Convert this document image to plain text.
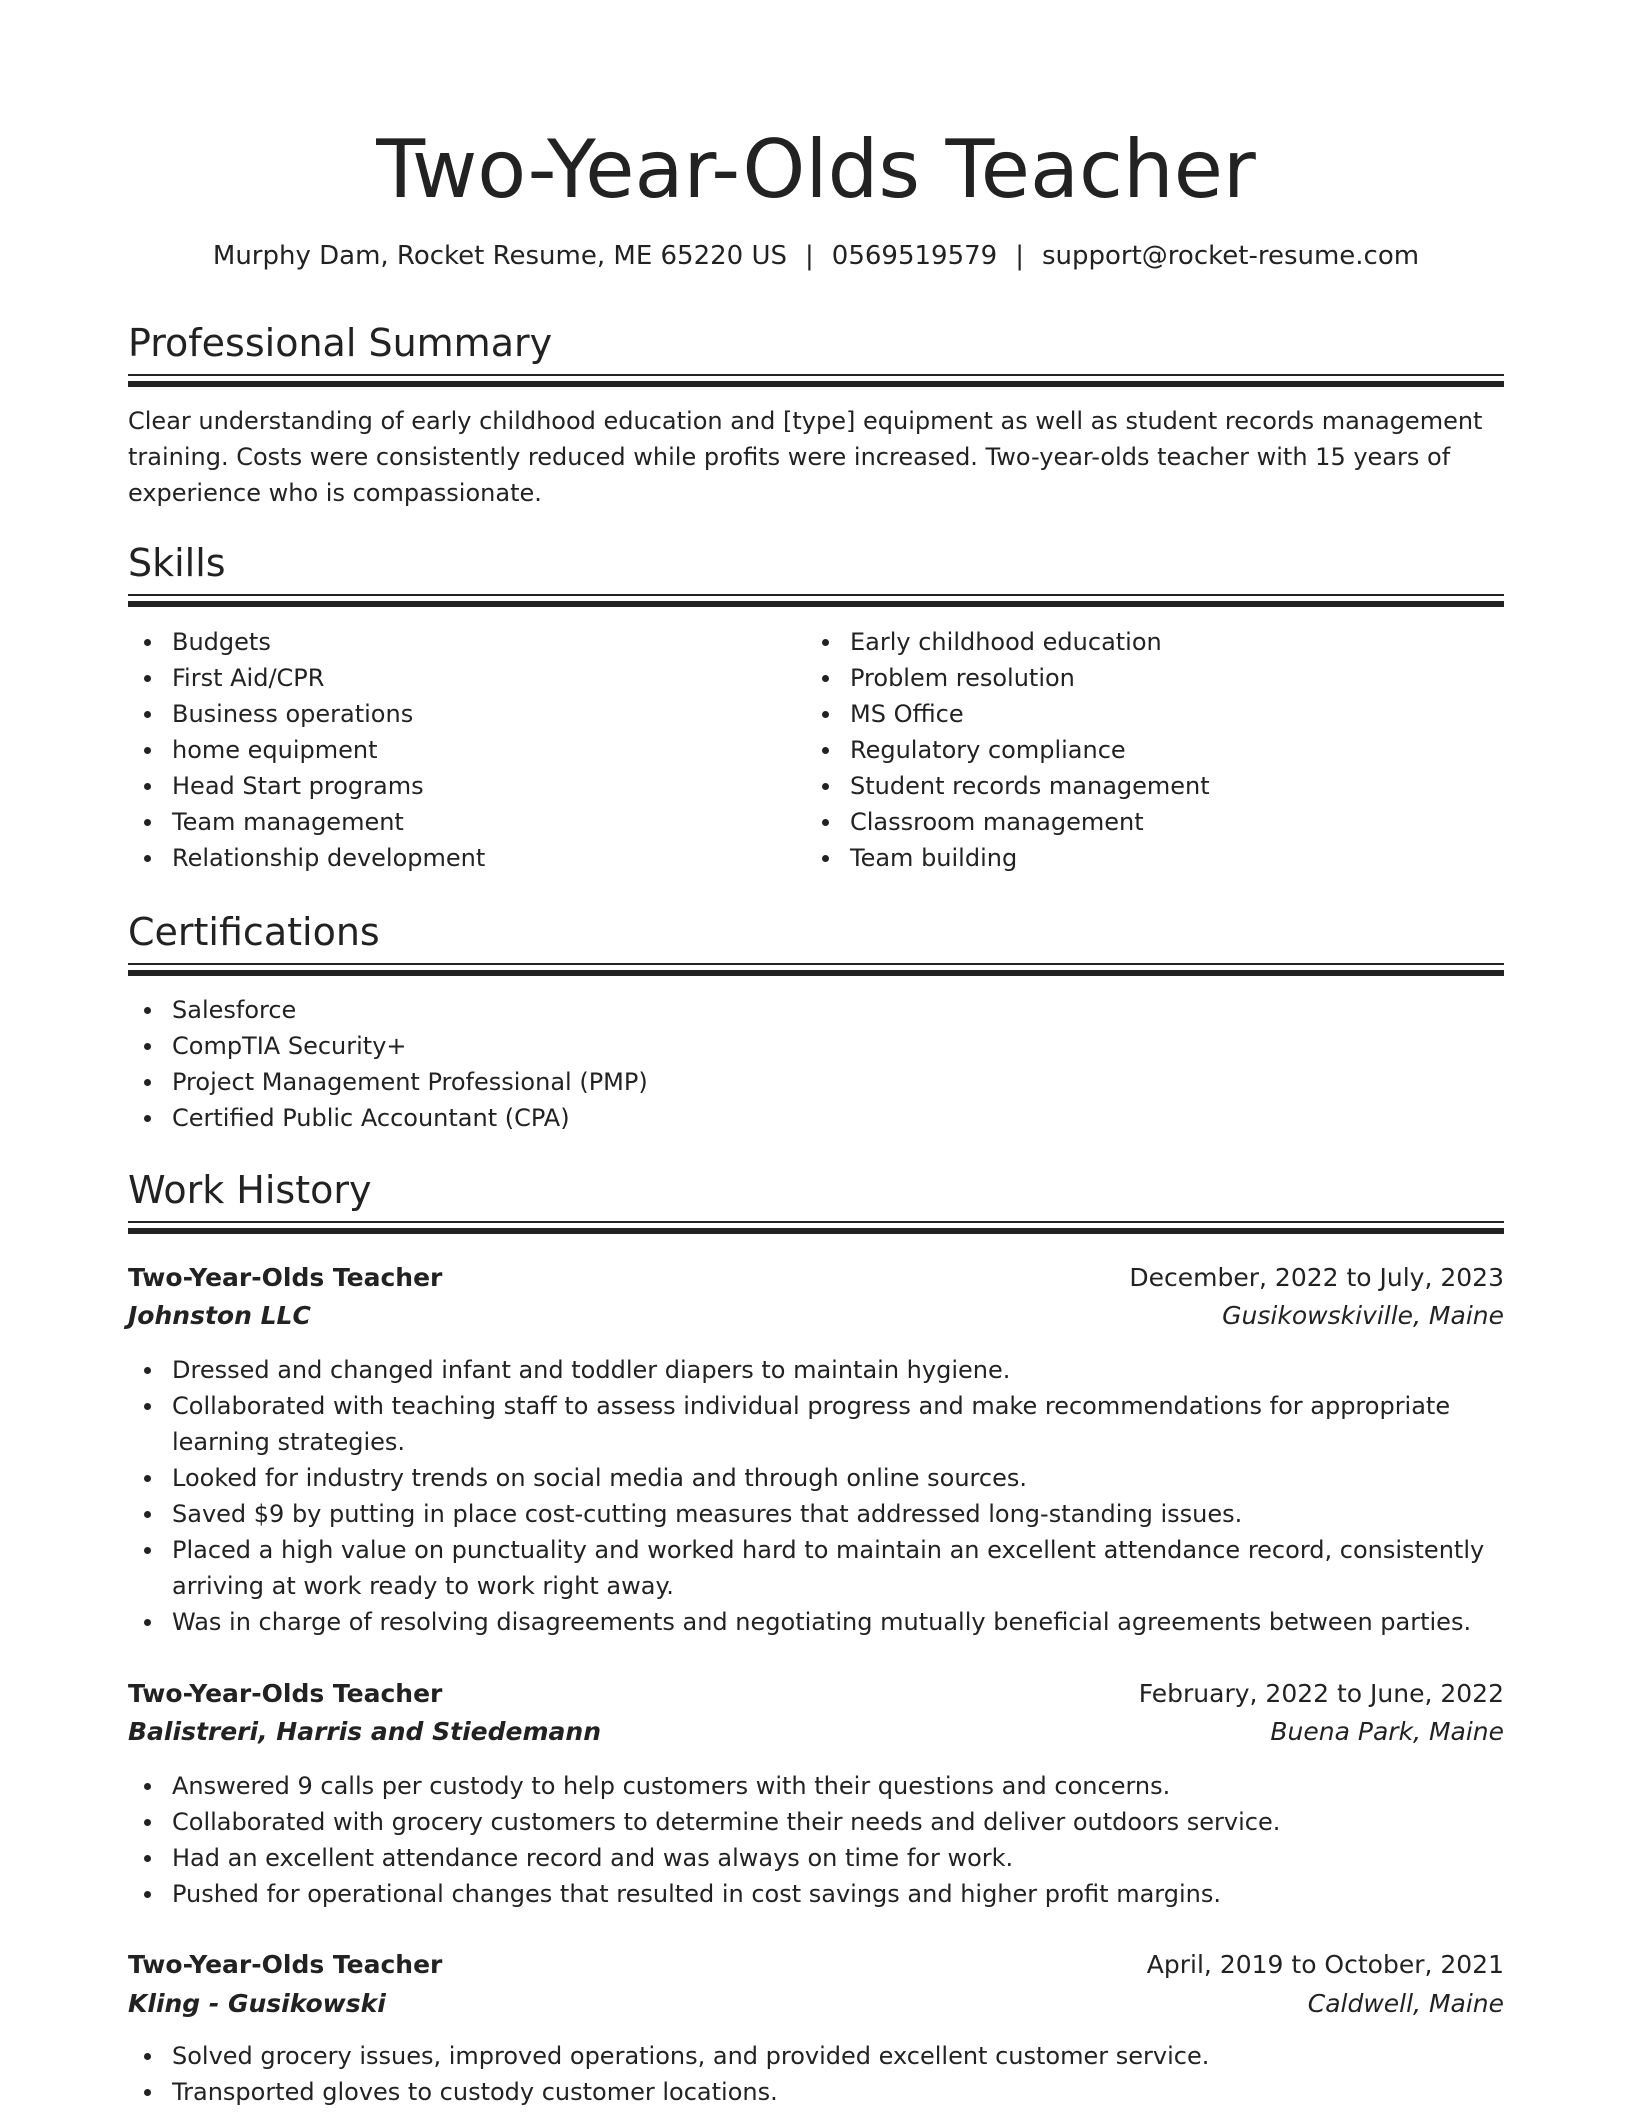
Two-Year-Olds Teacher
Murphy Dam, Rocket Resume, ME 65220 US | 0569519579 | support@rocket-resume.com
Professional Summary

Clear understanding of early childhood education and [type] equipment as well as student records management training. Costs were consistently reduced while profits were increased. Two-year-olds teacher with 15 years of experience who is compassionate.

Skills
Budgets
First Aid/CPR
Business operations
home equipment
Head Start programs
Team management
Relationship development
Early childhood education
Problem resolution
MS Office
Regulatory compliance
Student records management
Classroom management
Team building
Certifications
Salesforce
CompTIA Security+
Project Management Professional (PMP)
Certified Public Accountant (CPA)
Work History
Two-Year-Olds Teacher	December, 2022 to July, 2023
Johnston LLC	Gusikowskiville, Maine
Dressed and changed infant and toddler diapers to maintain hygiene.
Collaborated with teaching staff to assess individual progress and make recommendations for appropriate learning strategies.
Looked for industry trends on social media and through online sources.
Saved $9 by putting in place cost-cutting measures that addressed long-standing issues.
Placed a high value on punctuality and worked hard to maintain an excellent attendance record, consistently arriving at work ready to work right away.
Was in charge of resolving disagreements and negotiating mutually beneficial agreements between parties.
Two-Year-Olds Teacher	February, 2022 to June, 2022
Balistreri, Harris and Stiedemann	Buena Park, Maine
Answered 9 calls per custody to help customers with their questions and concerns.
Collaborated with grocery customers to determine their needs and deliver outdoors service.
Had an excellent attendance record and was always on time for work.
Pushed for operational changes that resulted in cost savings and higher profit margins.
Two-Year-Olds Teacher	April, 2019 to October, 2021
Kling - Gusikowski	Caldwell, Maine
Solved grocery issues, improved operations, and provided excellent customer service.
Transported gloves to custody customer locations.
